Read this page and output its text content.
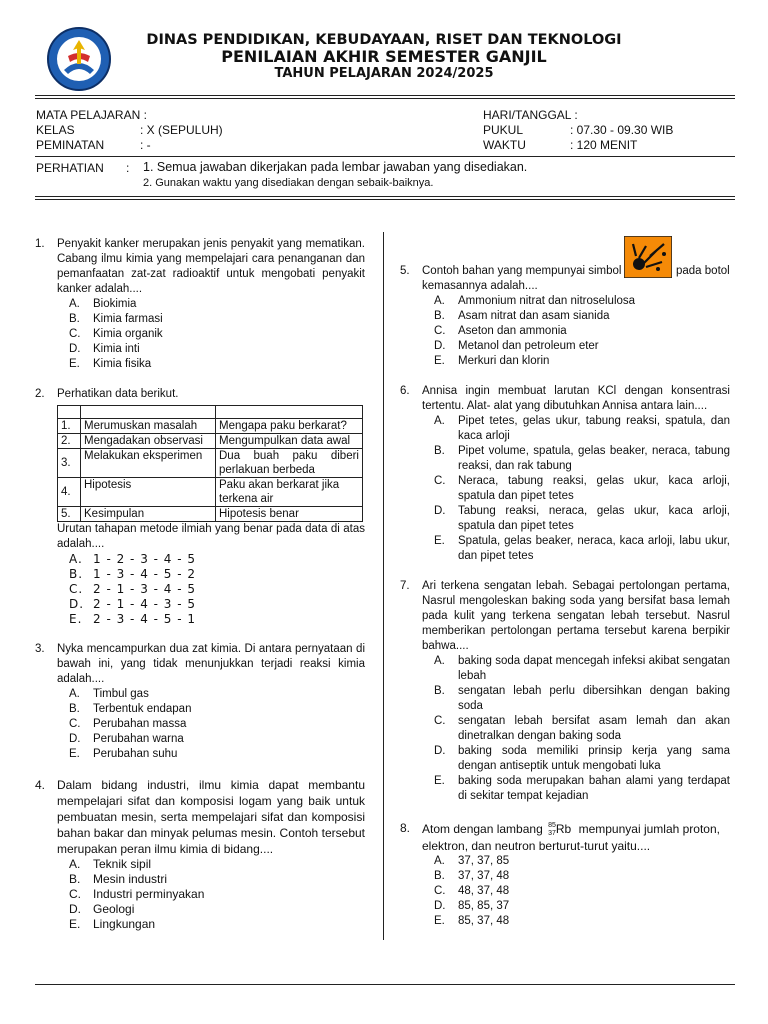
DINAS PENDIDIKAN, KEBUDAYAAN, RISET DAN TEKNOLOGI
PENILAIAN AKHIR SEMESTER GANJIL
TAHUN PELAJARAN 2024/2025
MATA PELAJARAN :
KELAS	: X (SEPULUH)
PEMINATAN	: -
HARI/TANGGAL :
PUKUL	: 07.30 - 09.30 WIB
WAKTU	: 120 MENIT
PERHATIAN : 1. Semua jawaban dikerjakan pada lembar jawaban yang disediakan.
2. Gunakan waktu yang disediakan dengan sebaik-baiknya.
1.	Penyakit kanker merupakan jenis penyakit yang mematikan. Cabang ilmu kimia yang mempelajari cara penanganan dan pemanfaatan zat-zat radioaktif untuk mengobati penyakit kanker adalah....
A. Biokimia
B. Kimia farmasi
C. Kimia organik
D. Kimia inti
E. Kimia fisika
2.	Perhatikan data berikut.

1.	Merumuskan masalah	Mengapa paku berkarat?
2.	Mengadakan observasi	Mengumpulkan data awal
3.	Melakukan eksperimen	Dua buah paku diberi perlakuan berbeda
4.	Hipotesis	Paku akan berkarat jika terkena air
5.	Kesimpulan	Hipotesis benar
Urutan tahapan metode ilmiah yang benar pada data di atas adalah....
A. 1 - 2 - 3 - 4 - 5
B. 1 - 3 - 4 - 5 - 2
C. 2 - 1 - 3 - 4 - 5
D. 2 - 1 - 4 - 3 - 5
E. 2 - 3 - 4 - 5 - 1
3.	Nyka mencampurkan dua zat kimia. Di antara pernyataan di bawah ini, yang tidak menunjukkan terjadi reaksi kimia adalah....
A. Timbul gas
B. Terbentuk endapan
C. Perubahan massa
D. Perubahan warna
E. Perubahan suhu
4. Dalam bidang industri, ilmu kimia dapat membantu mempelajari sifat dan komposisi logam yang baik untuk pembuatan mesin, serta mempelajari sifat dan komposisi bahan bakar dan minyak pelumas mesin. Contoh tersebut merupakan peran ilmu kimia di bidang....
A. Teknik sipil
B. Mesin industri
C. Industri perminyakan
D. Geologi
E. Lingkungan
5.	Contoh bahan yang mempunyai simbol	pada botol
kemasannya adalah....
A. Ammonium nitrat dan nitroselulosa
B. Asam nitrat dan asam sianida
C. Aseton dan ammonia
D. Metanol dan petroleum eter
E. Merkuri dan klorin
6.	Annisa ingin membuat larutan KCl dengan konsentrasi tertentu. Alat- alat yang dibutuhkan Annisa antara lain....
A. Pipet tetes, gelas ukur, tabung reaksi, spatula, dan kaca arloji
B. Pipet volume, spatula, gelas beaker, neraca, tabung reaksi, dan rak tabung
C. Neraca, tabung reaksi, gelas ukur, kaca arloji, spatula dan pipet tetes
D. Tabung reaksi, neraca, gelas ukur, kaca arloji, spatula dan pipet tetes
E. Spatula, gelas beaker, neraca, kaca arloji, labu ukur, dan pipet tetes
7.	Ari terkena sengatan lebah. Sebagai pertolongan pertama, Nasrul mengoleskan baking soda yang bersifat basa lemah pada kulit yang terkena sengatan lebah tersebut. Nasrul memberikan pertolongan pertama tersebut karena berpikir bahwa....
A. baking soda dapat mencegah infeksi akibat sengatan lebah
B. sengatan lebah perlu dibersihkan dengan baking soda
C. sengatan lebah bersifat asam lemah dan akan dinetralkan dengan baking soda
D. baking soda memiliki prinsip kerja yang sama dengan antiseptik untuk mengobati luka
E. baking soda merupakan bahan alami yang terdapat di sekitar tempat kejadian
8. Atom dengan lambang 85
37 Rb mempunyai jumlah proton,
elektron, dan neutron berturut-turut yaitu....
A. 37, 37, 85
B. 37, 37, 48
C. 48, 37, 48
D. 85, 85, 37
E. 85, 37, 48
